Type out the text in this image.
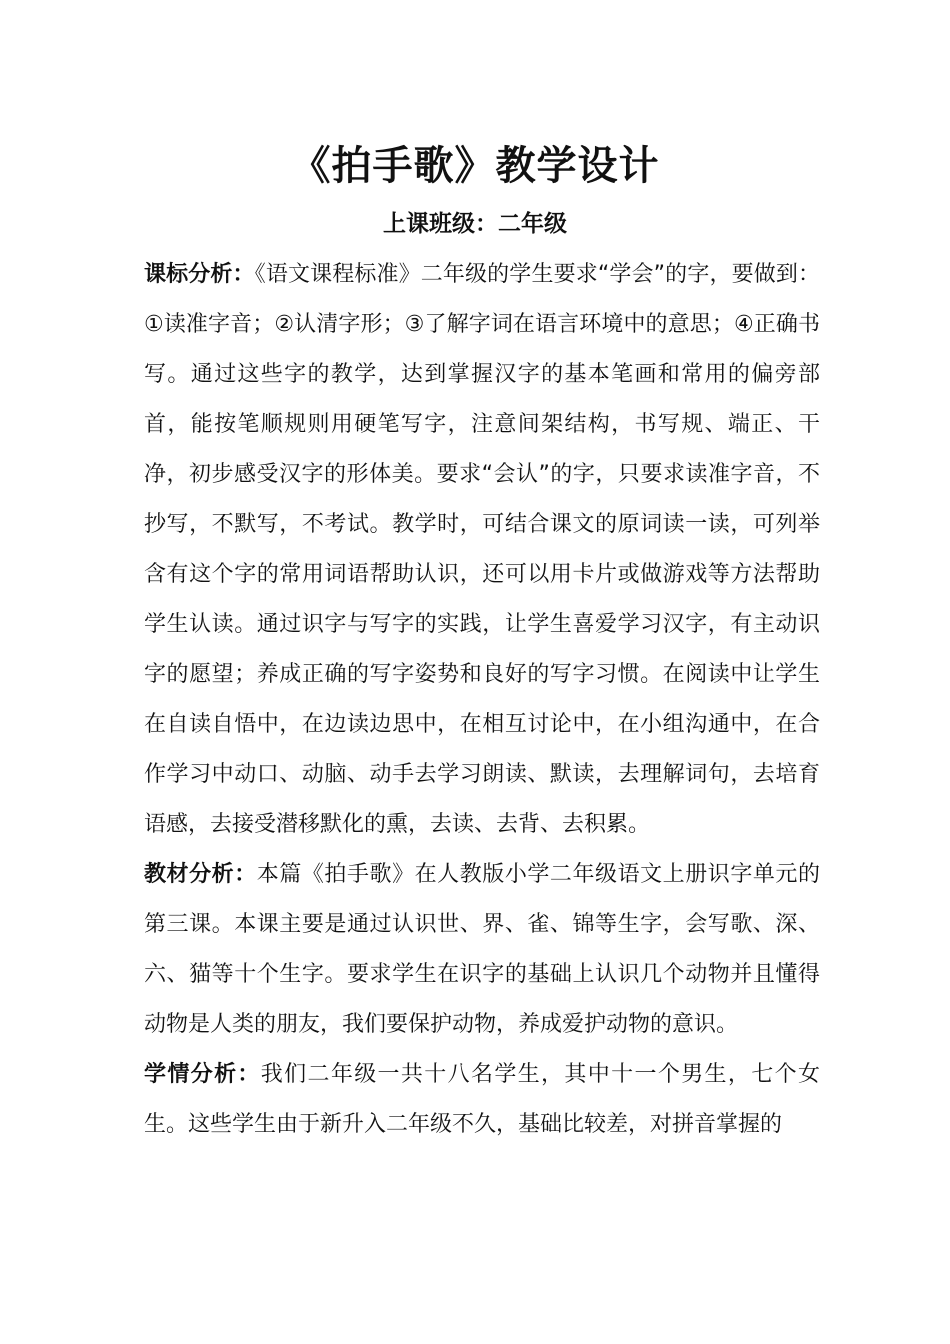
《拍手歌》教学设计
上课班级：二年级

课标分析：《语文课程标准》二年级的学生要求“学会”的字，要做到：①读准字音；②认清字形；③了解字词在语言环境中的意思；④正确书写。通过这些字的教学，达到掌握汉字的基本笔画和常用的偏旁部首，能按笔顺规则用硬笔写字，注意间架结构，书写规、端正、干净，初步感受汉字的形体美。要求“会认”的字，只要求读准字音，不抄写，不默写，不考试。教学时，可结合课文的原词读一读，可列举含有这个字的常用词语帮助认识，还可以用卡片或做游戏等方法帮助学生认读。通过识字与写字的实践，让学生喜爱学习汉字，有主动识字的愿望；养成正确的写字姿势和良好的写字习惯。在阅读中让学生在自读自悟中，在边读边思中，在相互讨论中，在小组沟通中，在合作学习中动口、动脑、动手去学习朗读、默读，去理解词句，去培育语感，去接受潜移默化的熏，去读、去背、去积累。

教材分析：本篇《拍手歌》在人教版小学二年级语文上册识字单元的第三课。本课主要是通过认识世、界、雀、锦等生字，会写歌、深、六、猫等十个生字。要求学生在识字的基础上认识几个动物并且懂得动物是人类的朋友，我们要保护动物，养成爱护动物的意识。

学情分析：我们二年级一共十八名学生，其中十一个男生，七个女生。这些学生由于新升入二年级不久，基础比较差，对拼音掌握的
